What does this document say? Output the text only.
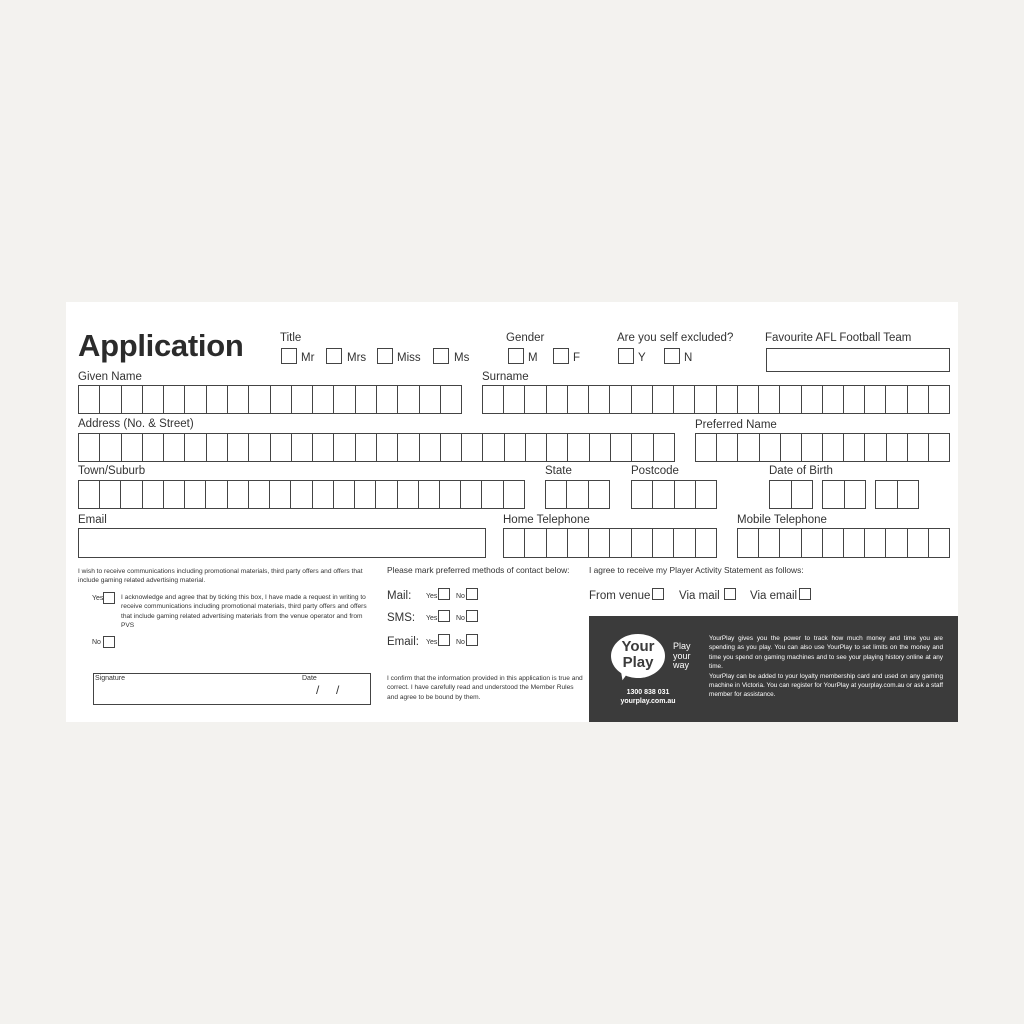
Application	Title
Mr	Mrs	Miss	Ms
Gender
M	F
Are you self excluded?
Y	N
Favourite AFL Football Team
Given Name	Surname
Address (No. & Street)	Preferred Name
Town/Suburb	State	Postcode	Date of Birth
Email	Home Telephone	Mobile Telephone
I wish to receive communications including promotional materials, third party offers and offers that include gaming related advertising material.
Yes	I acknowledge and agree that by ticking this box, I have made a request in writing to receive communications including promotional materials, third party offers and offers that include gaming related advertising materials from the venue operator and from PVS
No
Signature	Date
/     /
Please mark preferred methods of contact below:
Mail: Yes	No
SMS: Yes	No
Email: Yes	No
I confirm that the information provided in this application is true and correct. I have carefully read and understood the Member Rules and agree to be bound by them.
I agree to receive my Player Activity Statement as follows:
From venue Via mail	Via email
Your
Play
Play
your
way
1300 838 031
yourplay.com.au
YourPlay gives you the power to track how much money and time you are spending as you play. You can also use YourPlay to set limits on the money and time you spend on gaming machines and to see your playing history online at any time.
YourPlay can be added to your loyalty membership card and used on any gaming machine in Victoria. You can register for YourPlay at yourplay.com.au or ask a staff member for assistance.
